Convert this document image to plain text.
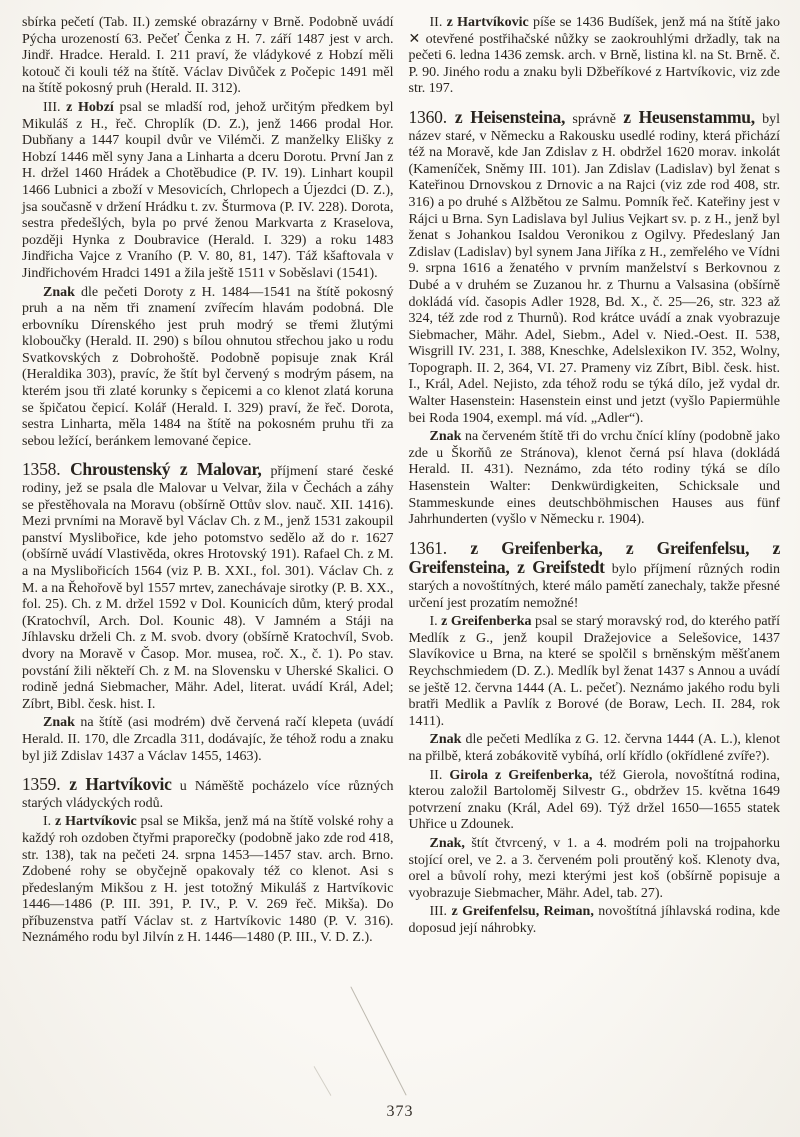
sbírka pečetí (Tab. II.) zemské obrazárny v Brně. Podobně uvádí Pýcha urozeností 63. Pečeť Čenka z H. 7. září 1487 jest v arch. Jindř. Hradce. Herald. I. 211 praví, že vládykové z Hobzí měli kotouč či kouli též na štítě. Václav Divůček z Počepic 1491 měl na štítě pokosný pruh (Herald. II. 312).

III. z Hobzí psal se mladší rod, jehož určitým předkem byl Mikuláš z H., řeč. Chroplík (D. Z.), jenž 1466 prodal Hor. Dubňany a 1447 koupil dvůr ve Vilémči. Z manželky Elišky z Hobzí 1446 měl syny Jana a Linharta a dceru Dorotu. První Jan z H. držel 1460 Hrádek a Chotěbudice (P. IV. 19). Linhart koupil 1466 Lubnici a zboží v Mesovicích, Chrlopech a Újezdci (D. Z.), jsa současně v držení Hrádku t. zv. Šturmova (P. IV. 228). Dorota, sestra předešlých, byla po prvé ženou Markvarta z Kraselova, později Hynka z Doubravice (Herald. I. 329) a roku 1483 Jindřicha Vajce z Vraního (P. V. 80, 81, 147). Táž kšaftovala v Jindřichovém Hradci 1491 a žila ještě 1511 v Soběslavi (1541).

Znak dle pečeti Doroty z H. 1484—1541 na štítě pokosný pruh a na něm tři znamení zvířecím hlavám podobná. Dle erbovníku Dírenského jest pruh modrý se třemi žlutými kloboučky (Herald. II. 290) s bílou ohnutou střechou jako u rodu Svatkovských z Dobrohoště. Podobně popisuje znak Král (Heraldika 303), pravíc, že štít byl červený s modrým pásem, na kterém jsou tři zlaté korunky s čepicemi a co klenot zlatá koruna se špičatou čepicí. Kolář (Herald. I. 329) praví, že řeč. Dorota, sestra Linharta, měla 1484 na štítě na pokosném pruhu tři za sebou ležící, beránkem lemované čepice.

1358. Chroustenský z Malovar, příjmení staré české rodiny, jež se psala dle Malovar u Velvar, žila v Čechách a záhy se přestěhovala na Moravu (obšírně Ottův slov. nauč. XII. 1416). Mezi prvními na Moravě byl Václav Ch. z M., jenž 1531 zakoupil panství Myslibořice, kde jeho potomstvo sedělo až do r. 1627 (obšírně uvádí Vlastivěda, okres Hrotovský 191). Rafael Ch. z M. a na Myslibořicích 1564 (viz P. B. XXI., fol. 301). Václav Ch. z M. a na Řehořově byl 1557 mrtev, zanechávaje sirotky (P. B. XX., fol. 25). Ch. z M. držel 1592 v Dol. Kounicích dům, který prodal (Kratochvíl, Arch. Dol. Kounic 48). V Jamném a Stáji na Jíhlavsku drželi Ch. z M. svob. dvory (obšírně Kratochvíl, Svob. dvory na Moravě v Časop. Mor. musea, roč. X., č. 1). Po stav. povstání žili někteří Ch. z M. na Slovensku v Uherské Skalici. O rodině jedná Siebmacher, Mähr. Adel, literat. uvádí Král, Adel; Zíbrt, Bibl. česk. hist. I.

Znak na štítě (asi modrém) dvě červená račí klepeta (uvádí Herald. II. 170, dle Zrcadla 311, dodávajíc, že téhož rodu a znaku byl již Zdislav 1437 a Václav 1455, 1463).

1359. z Hartvíkovic u Náměště pocházelo více různých starých vládyckých rodů.

I. z Hartvíkovic psal se Mikša, jenž má na štítě volské rohy a každý roh ozdoben čtyřmi praporečky (podobně jako zde rod 418, str. 138), tak na pečeti 24. srpna 1453—1457 stav. arch. Brno. Zdobené rohy se obyčejně opakovaly též co klenot. Asi s předeslaným Mikšou z H. jest totožný Mikuláš z Hartvíkovic 1446—1486 (P. III. 391, P. IV., P. V. 269 řeč. Mikša). Do příbuzenstva patří Václav st. z Hartvíkovic 1480 (P. V. 316). Neznámého rodu byl Jilvín z H. 1446—1480 (P. III., V. D. Z.).

II. z Hartvíkovic píše se 1436 Budíšek, jenž má na štítě jako ✕ otevřené postřihačské nůžky se zaokrouhlými držadly, tak na pečeti 6. ledna 1436 zemsk. arch. v Brně, listina kl. na St. Brně. č. P. 90. Jiného rodu a znaku byli Džbeříkové z Hartvíkovic, viz zde str. 197.

1360. z Heisensteina, správně z Heusenstammu, byl název staré, v Německu a Rakousku usedlé rodiny, která přichází též na Moravě, kde Jan Zdislav z H. obdržel 1620 morav. inkolát (Kameníček, Sněmy III. 101). Jan Zdislav (Ladislav) byl ženat s Kateřinou Drnovskou z Drnovic a na Rajci (viz zde rod 408, str. 316) a po druhé s Alžbětou ze Salmu. Pomník řeč. Kateřiny jest v Rájci u Brna. Syn Ladislava byl Julius Vejkart sv. p. z H., jenž byl ženat s Johankou Isaldou Veronikou z Ogilvy. Předeslaný Jan Zdislav (Ladislav) byl synem Jana Jiříka z H., zemřelého ve Vídni 9. srpna 1616 a ženatého v prvním manželství s Berkovnou z Dubé a v druhém se Zuzanou hr. z Thurnu a Valsasina (obšírně dokládá víd. časopis Adler 1928, Bd. X., č. 25—26, str. 323 až 324, též zde rod z Thurnů). Rod krátce uvádí a znak vyobrazuje Siebmacher, Mähr. Adel, Siebm., Adel v. Nied.-Oest. II. 538, Wisgrill IV. 231, I. 388, Kneschke, Adelslexikon IV. 352, Wolny, Topograph. II. 2, 364, VI. 27. Prameny viz Zíbrt, Bibl. česk. hist. I., Král, Adel. Nejisto, zda téhož rodu se týká dílo, jež vydal dr. Walter Hasenstein: Hasenstein einst und jetzt (vyšlo Papiermühle bei Roda 1904, exempl. má víd. „Adler“).

Znak na červeném štítě tři do vrchu čnící klíny (podobně jako zde u Škorňů ze Stránova), klenot černá psí hlava (dokládá Herald. II. 431). Neznámo, zda této rodiny týká se dílo Hasenstein Walter: Denkwürdigkeiten, Schicksale und Stammeskunde eines deutschböhmischen Hauses aus fünf Jahrhunderten (vyšlo v Německu r. 1904).

1361. z Greifenberka, z Greifenfelsu, z Greifensteina, z Greifstedt bylo příjmení různých rodin starých a novoštítných, které málo pamětí zanechaly, takže přesné určení jest prozatím nemožné!

I. z Greifenberka psal se starý moravský rod, do kterého patří Medlík z G., jenž koupil Dražejovice a Selešovice, 1437 Slavíkovice u Brna, na které se spolčil s brněnským měšťanem Reychschmiedem (D. Z.). Medlík byl ženat 1437 s Annou a uvádí se ještě 12. června 1444 (A. L. pečeť). Neznámo jakého rodu byli bratři Medlik a Pavlík z Borové (de Boraw, Lech. II. 284, rok 1411).

Znak dle pečeti Medlíka z G. 12. června 1444 (A. L.), klenot na přilbě, která zobákovitě vybíhá, orlí křídlo (okřídlené zvíře?).

II. Girola z Greifenberka, též Gierola, novoštítná rodina, kterou založil Bartoloměj Silvestr G., obdržev 15. května 1649 potvrzení znaku (Král, Adel 69). Týž držel 1650—1655 statek Uhřice u Zdounek.

Znak, štít čtvrcený, v 1. a 4. modrém poli na trojpahorku stojící orel, ve 2. a 3. červeném poli proutěný koš. Klenoty dva, orel a bůvolí rohy, mezi kterými jest koš (obšírně popisuje a vyobrazuje Siebmacher, Mähr. Adel, tab. 27).

III. z Greifenfelsu, Reiman, novoštítná jíhlavská rodina, kde doposud její náhrobky.

373
